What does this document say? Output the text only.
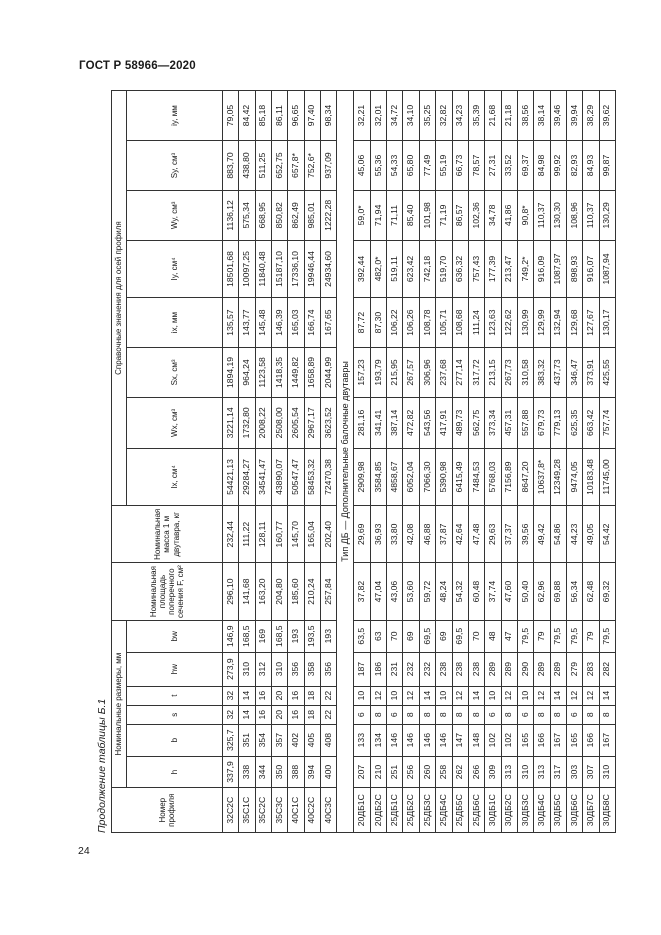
ГОСТ Р 58966—2020
24
Продолжение таблицы Б.1	Номер профиля	Номинальные размеры, мм						Номинальная площадь поперечного сечения F, см²	Номинальная масса 1 м двутавра, кг	Справочные значения для осей профиля							
	h	b	s	t	hw	bw			Ix, см⁴	Wx, см³	Sx, см³	ix, мм	Iy, см⁴	Wy, см³	Sy, см³	iy, мм
32С2С	337,9	325,7	32	32	273,9	146,9	296,10	232,44	54421,13	3221,14	1894,19	135,57	18501,68	1136,12	883,70	79,05
35С1С	338	351	14	14	310	168,5	141,68	111,22	29284,27	1732,80	964,24	143,77	10097,25	575,34	438,80	84,42
35С2С	344	354	16	16	312	169	163,20	128,11	34541,47	2008,22	1123,58	145,48	11840,48	668,95	511,25	85,18
35С3С	350	357	20	20	310	168,5	204,80	160,77	43890,07	2508,00	1418,35	146,39	15187,10	850,82	652,75	86,11
40С1С	388	402	16	16	356	193	185,60	145,70	50547,47	2605,54	1449,82	165,03	17336,10	862,49	657,8*	96,65
40С2С	394	405	18	18	358	193,5	210,24	165,04	58453,32	2967,17	1658,89	166,74	19946,44	985,01	752,6*	97,40
40С3С	400	408	22	22	356	193	257,84	202,40	72470,38	3623,52	2044,99	167,65	24934,60	1222,28	937,09	98,34
Тип ДБ — Дополнительные балочные двутавры																
20ДБ1С	207	133	6	10	187	63,5	37,82	29,69	2909,98	281,16	157,23	87,72	392,44	59,0*	45,06	32,21
20ДБ2С	210	134	8	12	186	63	47,04	36,93	3584,85	341,41	193,79	87,30	482,0*	71,94	55,36	32,01
25ДБ1С	251	146	6	10	231	70	43,06	33,80	4858,67	387,14	215,95	106,22	519,11	71,11	54,33	34,72
25ДБ2С	256	146	8	12	232	69	53,60	42,08	6052,04	472,82	267,57	106,26	623,42	85,40	65,80	34,10
25ДБ3С	260	146	8	14	232	69,5	59,72	46,88	7066,30	543,56	306,96	108,78	742,18	101,98	77,49	35,25
25ДБ4С	258	146	8	10	238	69	48,24	37,87	5390,98	417,91	237,68	105,71	519,70	71,19	55,19	32,82
25ДБ5С	262	147	8	12	238	69,5	54,32	42,64	6415,49	489,73	277,14	108,68	636,32	86,57	66,73	34,23
25ДБ6С	266	148	8	14	238	70	60,48	47,48	7484,53	562,75	317,72	111,24	757,43	102,36	78,57	35,39
30ДБ1С	309	102	6	10	289	48	37,74	29,63	5768,03	373,34	213,15	123,63	177,39	34,78	27,31	21,68
30ДБ2С	313	102	8	12	289	47	47,60	37,37	7156,89	457,31	267,73	122,62	213,47	41,86	33,52	21,18
30ДБ3С	310	165	6	10	290	79,5	50,40	39,56	8647,20	557,88	310,58	130,99	749,2*	90,8*	69,37	38,56
30ДБ4С	313	166	8	12	289	79	62,96	49,42	10637,8*	679,73	383,32	129,99	916,09	110,37	84,98	38,14
30ДБ5С	317	167	8	14	289	79,5	69,88	54,86	12349,28	779,13	437,73	132,94	1087,97	130,30	99,92	39,46
30ДБ6С	303	165	6	12	279	79,5	56,34	44,23	9474,05	625,35	346,47	129,68	898,93	108,96	82,93	39,94
30ДБ7С	307	166	8	12	283	79	62,48	49,05	10183,48	663,42	373,91	127,67	916,07	110,37	84,93	38,29
30ДБ8С	310	167	8	14	282	79,5	69,32	54,42	11745,00	757,74	425,55	130,17	1087,94	130,29	99,87	39,62
